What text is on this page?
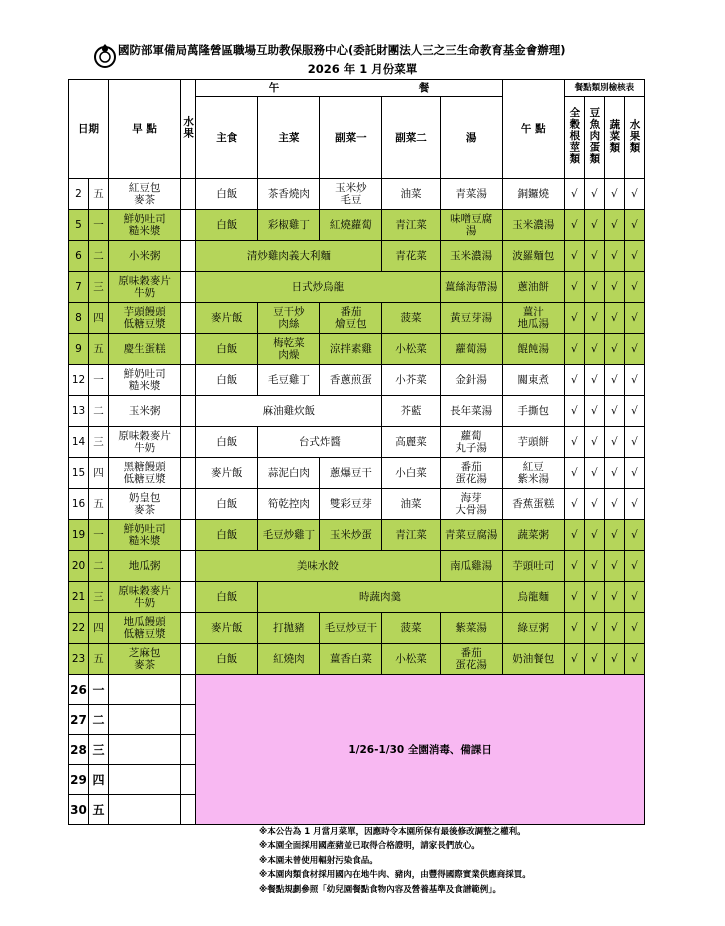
國防部軍備局萬隆營區職場互助教保服務中心(委託財團法人三之三生命教育基金會辦理)
2026 年 1 月份菜單
日期		早 點	水果	午 餐					午 點	餐點類別檢核表			
				主食	主菜	副菜一	副菜二	湯		全穀根莖類	豆魚肉蛋類	蔬菜類	水果類

2	五	紅豆包
麥茶		白飯	茶香燒肉	玉米炒
毛豆	油菜	青菜湯	銅鑼燒	√	√	√	√
5	一	鮮奶吐司
糙米漿		白飯	彩椒雞丁	紅燒蘿蔔	青江菜	味噌豆腐
湯	玉米濃湯	√	√	√	√
6	二	小米粥		清炒雞肉義大利麵			青花菜	玉米濃湯	波羅麵包	√	√	√	√
7	三	原味穀麥片
牛奶		日式炒烏龍				薑絲海帶湯	蔥油餅	√	√	√	√
8	四	芋頭饅頭
低糖豆漿		麥片飯	豆干炒
肉絲	番茄
燴豆包	菠菜	黃豆芽湯	薑汁
地瓜湯	√	√	√	√
9	五	慶生蛋糕		白飯	梅乾菜
肉燥	涼拌素雞	小松菜	蘿蔔湯	餛飩湯	√	√	√	√
12	一	鮮奶吐司
糙米漿		白飯	毛豆雞丁	香蔥煎蛋	小芥菜	金針湯	關東煮	√	√	√	√
13	二	玉米粥		麻油雞炊飯			芥藍	長年菜湯	手撕包	√	√	√	√
14	三	原味穀麥片
牛奶		白飯	台式炸醬		高麗菜	蘿蔔
丸子湯	芋頭餅	√	√	√	√
15	四	黑糖饅頭
低糖豆漿		麥片飯	蒜泥白肉	蔥爆豆干	小白菜	番茄
蛋花湯	紅豆
紫米湯	√	√	√	√
16	五	奶皇包
麥茶		白飯	筍乾控肉	雙彩豆芽	油菜	海芽
大骨湯	香蕉蛋糕	√	√	√	√
19	一	鮮奶吐司
糙米漿		白飯	毛豆炒雞丁	玉米炒蛋	青江菜	青菜豆腐湯	蔬菜粥	√	√	√	√
20	二	地瓜粥		美味水餃				南瓜雞湯	芋頭吐司	√	√	√	√
21	三	原味穀麥片
牛奶		白飯	時蔬肉羹				烏龍麵	√	√	√	√
22	四	地瓜饅頭
低糖豆漿		麥片飯	打拋豬	毛豆炒豆干	菠菜	紫菜湯	綠豆粥	√	√	√	√
23	五	芝麻包
麥茶		白飯	紅燒肉	薑香白菜	小松菜	番茄
蛋花湯	奶油餐包	√	√	√	√
26	一			1/26-1/30 全園消毒、備課日									
27	二												
28	三												
29	四												
30	五												
※本公告為 1 月當月菜單，因應時令本園所保有最後修改調整之權利。
※本園全面採用國產豬並已取得合格證明，請家長們放心。
※本園未曾使用輻射污染食品。
※本園肉類食材採用國內在地牛肉、豬肉，由豐得國際實業供應商採買。
※餐點規劃參照「幼兒園餐點食物內容及營養基準及食譜範例」。
